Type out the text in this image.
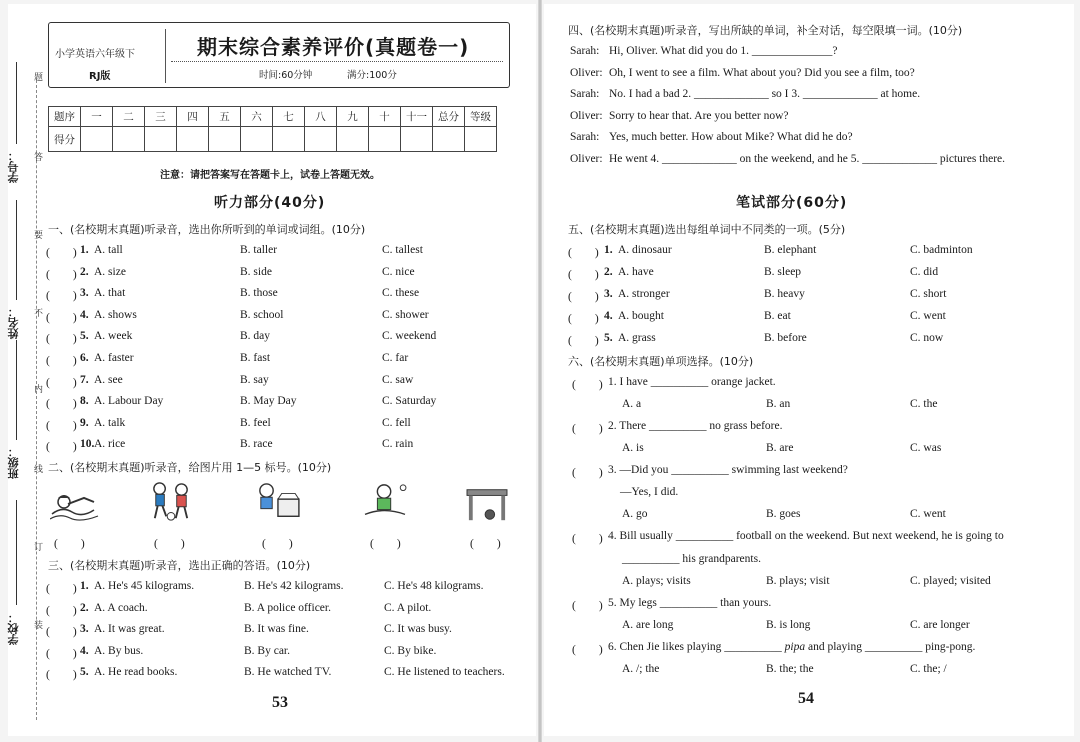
学校：
班级：
姓名：
学号：
装
订
线
内
不
要
答
题
小学英语六年级下
RJ版
期末综合素养评价(真题卷一)
时间:60分钟	满分:100分
题序	一	二	三	四	五	六	七	八	九	十	十一	总分	等级
得分													
注意：请把答案写在答题卡上，试卷上答题无效。
听力部分(40分)
一、(名校期末真题)听录音，选出你所听到的单词或词组。(10分)
(　　) 1. A. tall	B. taller	C. tallest
(　　) 2. A. size	B. side	C. nice
(　　) 3. A. that	B. those	C. these
(　　) 4. A. shows	B. school	C. shower
(　　) 5. A. week	B. day	C. weekend
(　　) 6. A. faster	B. fast	C. far
(　　) 7. A. see	B. say	C. saw
(　　) 8. A. Labour Day	B. May Day	C. Saturday
(　　) 9. A. talk	B. feel	C. fell
(　　) 10. A. rice	B. race	C. rain
二、(名校期末真题)听录音，给图片用 1—5 标号。(10分)
(　　)	(　　)	(　　)	(　　)	(　　)
三、(名校期末真题)听录音，选出正确的答语。(10分)
(　　) 1. A. He's 45 kilograms.	B. He's 42 kilograms.	C. He's 48 kilograms.
(　　) 2. A. A coach.	B. A police officer.	C. A pilot.
(　　) 3. A. It was great.	B. It was fine.	C. It was busy.
(　　) 4. A. By bus.	B. By car.	C. By bike.
(　　) 5. A. He read books.	B. He watched TV.	C. He listened to teachers.
53
四、(名校期末真题)听录音，写出所缺的单词，补全对话，每空限填一词。(10分)
Sarah: Hi, Oliver. What did you do 1. ______________?
Oliver: Oh, I went to see a film. What about you? Did you see a film, too?
Sarah: No. I had a bad 2. _____________ so I 3. _____________ at home.
Oliver: Sorry to hear that. Are you better now?
Sarah: Yes, much better. How about Mike? What did he do?
Oliver: He went 4. _____________ on the weekend, and he 5. _____________ pictures there.
笔试部分(60分)
五、(名校期末真题)选出每组单词中不同类的一项。(5分)
(　　) 1. A. dinosaur	B. elephant	C. badminton
(　　) 2. A. have	B. sleep	C. did
(　　) 3. A. stronger	B. heavy	C. short
(　　) 4. A. bought	B. eat	C. went
(　　) 5. A. grass	B. before	C. now
六、(名校期末真题)单项选择。(10分)
(　　) 1. I have __________ orange jacket.
A. a	B. an	C. the
(　　) 2. There __________ no grass before.
A. is	B. are	C. was
(　　) 3. —Did you __________ swimming last weekend?
—Yes, I did.
A. go	B. goes	C. went
(　　) 4. Bill usually __________ football on the weekend. But next weekend, he is going to
__________ his grandparents.
A. plays; visits	B. plays; visit	C. played; visited
(　　) 5. My legs __________ than yours.
A. are long	B. is long	C. are longer
(　　) 6. Chen Jie likes playing __________ pipa and playing __________ ping-pong.
A. /; the	B. the; the	C. the; /
54
